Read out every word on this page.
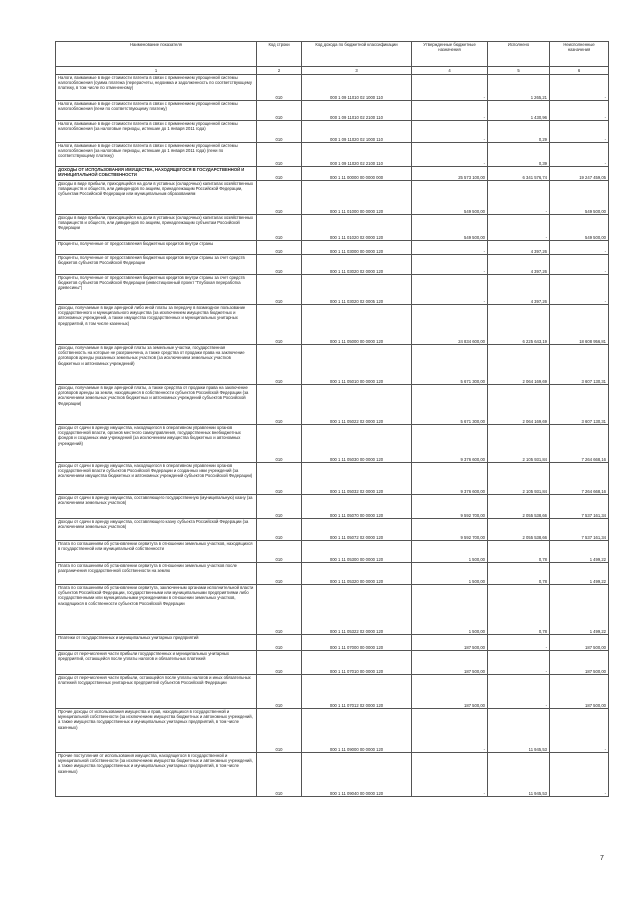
Наименование показателя	Код строки	Код дохода по бюджетной классификации	Утвержденные бюджетные назначения	Исполнено	Неисполненные назначения
1	2	3	4	5	6
Налоги, взимаемые в виде стоимости патента в связи с применением упрощенной системы налогообложения (сумма платежа (перерасчеты, недоимка и задолженность по соответствующему платежу, в том числе по отмененному)	010	000 1 09 11010 02 1000 110	-	1 265,21	-
Налоги, взимаемые в виде стоимости патента в связи с применением упрощенной системы налогообложения (пени по соответствующему платежу)	010	000 1 09 11010 02 2100 110	-	1 430,96	-
Налоги, взимаемые в виде стоимости патента в связи с применением упрощенной системы налогообложения (за налоговые периоды, истекшие до 1 января 2011 года)	010	000 1 09 11020 02 1000 110	-	0,29	-
Налоги, взимаемые в виде стоимости патента в связи с применением упрощенной системы налогообложения (за налоговые периоды, истекшие до 1 января 2011 года) (пени по соответствующему платежу)	010	000 1 09 11020 02 2100 110	-	0,39	-
ДОХОДЫ ОТ ИСПОЛЬЗОВАНИЯ ИМУЩЕСТВА, НАХОДЯЩЕГОСЯ В ГОСУДАРСТВЕННОЙ И МУНИЦИПАЛЬНОЙ СОБСТВЕННОСТИ	010	000 1 11 00000 00 0000 000	25 573 100,00	6 341 576,74	19 247 459,05
Доходы в виде прибыли, приходящейся на доли в уставных (складочных) капиталах хозяйственных товариществ и обществ, или дивидендов по акциям, принадлежащим Российской Федерации, субъектам Российской Федерации или муниципальным образованиям	010	000 1 11 01000 00 0000 120	549 500,00	-	549 500,00
Доходы в виде прибыли, приходящейся на доли в уставных (складочных) капиталах хозяйственных товариществ и обществ, или дивидендов по акциям, принадлежащим субъектам Российской Федерации	010	000 1 11 01020 02 0000 120	549 500,00	-	549 500,00
Проценты, полученные от предоставления бюджетных кредитов внутри страны	010	000 1 11 03000 00 0000 120	-	4 397,26	-
Проценты, полученные от предоставления бюджетных кредитов внутри страны за счет средств бюджетов субъектов Российской Федерации	010	000 1 11 03020 02 0000 120	-	4 397,26	-
Проценты, полученные от предоставления бюджетных кредитов внутри страны за счет средств бюджетов субъектов Российской Федерации (инвестиционный проект "Глубокая переработка древесины")	010	000 1 11 03020 02 0005 120	-	4 397,26	-
Доходы, получаемые в виде арендной либо иной платы за передачу в возмездное пользование государственного и муниципального имущества (за исключением имущества бюджетных и автономных учреждений, а также имущества государственных и муниципальных унитарных предприятий, в том числе казенных)	010	000 1 11 05000 00 0000 120	24 834 600,00	6 225 643,19	18 608 956,81
Доходы, получаемые в виде арендной платы за земельные участки, государственная собственность на которые не разграничена, а также средства от продажи права на заключение договоров аренды указанных земельных участков (за исключением земельных участков бюджетных и автономных учреждений)	010	000 1 11 05010 00 0000 120	5 671 300,00	2 064 169,69	3 607 130,31
Доходы, получаемые в виде арендной платы, а также средства от продажи права на заключение договоров аренды за земли, находящиеся в собственности субъектов Российской Федерации (за исключением земельных участков бюджетных и автономных учреждений субъектов Российской Федерации)	010	000 1 11 05022 02 0000 120	5 671 300,00	2 064 169,69	3 607 130,31
Доходы от сдачи в аренду имущества, находящегося в оперативном управлении органов государственной власти, органов местного самоуправления, государственных внебюджетных фондов и созданных ими учреждений (за исключением имущества бюджетных и автономных учреждений)	010	000 1 11 05030 00 0000 120	9 376 600,00	2 105 931,84	7 264 668,16
Доходы от сдачи в аренду имущества, находящегося в оперативном управлении органов государственной власти субъектов Российской Федерации и созданных ими учреждений (за исключением имущества бюджетных и автономных учреждений субъектов Российской Федерации)	010	000 1 11 05032 02 0000 120	9 376 600,00	2 105 931,84	7 264 668,16
Доходы от сдачи в аренду имущества, составляющего государственную (муниципальную) казну (за исключением земельных участков)	010	000 1 11 05070 00 0000 120	9 592 700,00	2 055 538,66	7 537 161,34
Доходы от сдачи в аренду имущества, составляющего казну субъекта Российской Федерации (за исключением земельных участков)	010	000 1 11 05072 02 0000 120	9 592 700,00	2 055 538,66	7 537 161,34
Плата по соглашениям об установлении сервитута в отношении земельных участков, находящихся в государственной или муниципальной собственности	010	000 1 11 05300 00 0000 120	1 500,00	0,78	1 499,22
Плата по соглашениям об установлении сервитута в отношении земельных участков после разграничения государственной собственности на землю	010	000 1 11 05320 00 0000 120	1 500,00	0,78	1 499,22
Плата по соглашениям об установлении сервитута, заключенным органами исполнительной власти субъектов Российской Федерации, государственными или муниципальными предприятиями либо государственными или муниципальными учреждениями в отношении земельных участков, находящихся в собственности субъектов Российской Федерации	010	000 1 11 05322 02 0000 120	1 500,00	0,78	1 499,22
Платежи от государственных и муниципальных унитарных предприятий	010	000 1 11 07000 00 0000 120	187 500,00	-	187 500,00
Доходы от перечисления части прибыли государственных и муниципальных унитарных предприятий, остающейся после уплаты налогов и обязательных платежей	010	000 1 11 07010 00 0000 120	187 500,00	-	187 500,00
Доходы от перечисления части прибыли, остающейся после уплаты налогов и иных обязательных платежей государственных унитарных предприятий субъектов Российской Федерации	010	000 1 11 07012 02 0000 120	187 500,00	-	187 500,00
Прочие доходы от использования имущества и прав, находящихся в государственной и муниципальной собственности (за исключением имущества бюджетных и автономных учреждений, а также имущества государственных и муниципальных унитарных предприятий, в том числе казенных)	010	000 1 11 09000 00 0000 120	-	11 945,53	-
Прочие поступления от использования имущества, находящегося в государственной и муниципальной собственности (за исключением имущества бюджетных и автономных учреждений, а также имущества государственных и муниципальных унитарных предприятий, в том числе казенных)	010	000 1 11 09040 00 0000 120	-	11 945,53	-
7
